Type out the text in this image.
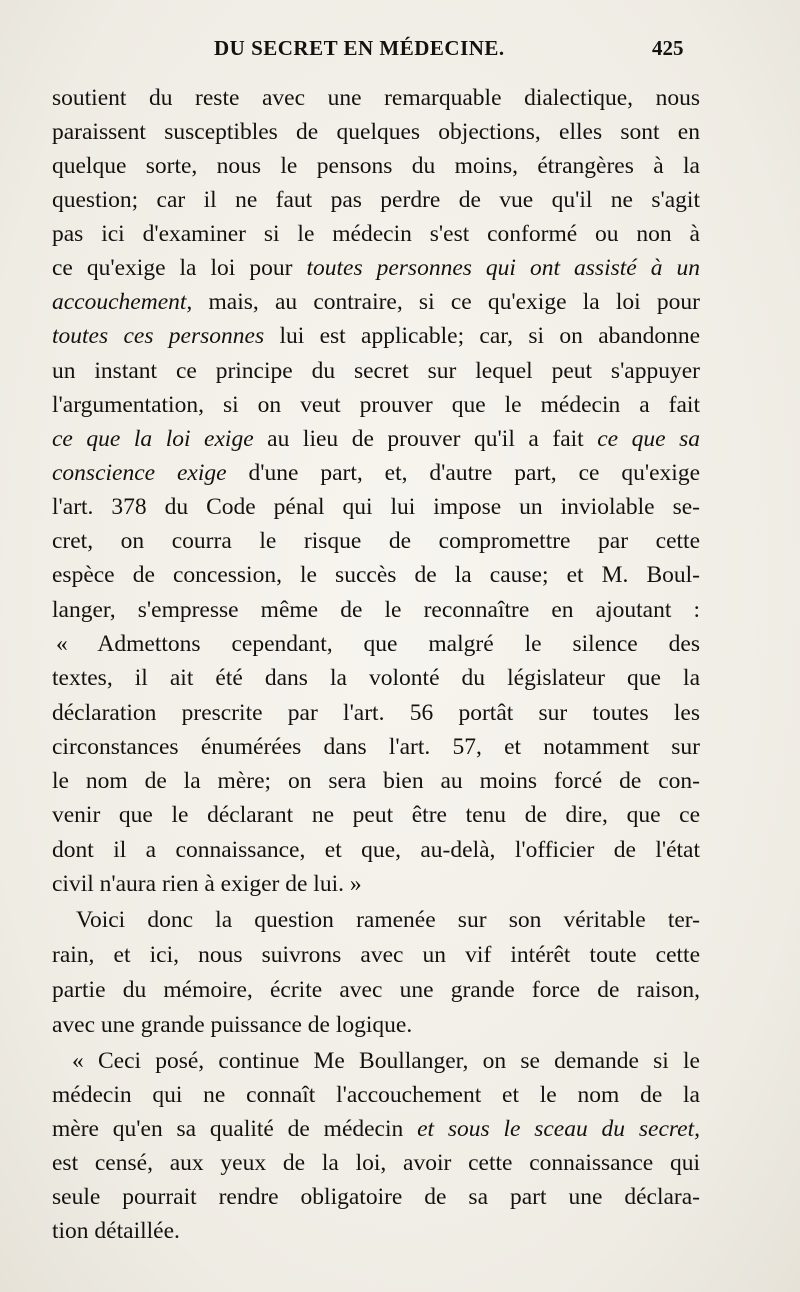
DU SECRET EN MÉDECINE.	425
soutient du reste avec une remarquable dialectique, nous
paraissent susceptibles de quelques objections, elles sont en
quelque sorte, nous le pensons du moins, étrangères à la
question; car il ne faut pas perdre de vue qu'il ne s'agit
pas ici d'examiner si le médecin s'est conformé ou non à
ce qu'exige la loi pour toutes personnes qui ont assisté à un
accouchement, mais, au contraire, si ce qu'exige la loi pour
toutes ces personnes lui est applicable; car, si on abandonne
un instant ce principe du secret sur lequel peut s'appuyer
l'argumentation, si on veut prouver que le médecin a fait
ce que la loi exige au lieu de prouver qu'il a fait ce que sa
conscience exige d'une part, et, d'autre part, ce qu'exige
l'art. 378 du Code pénal qui lui impose un inviolable se-
cret, on courra le risque de compromettre par cette
espèce de concession, le succès de la cause; et M. Boul-
langer, s'empresse même de le reconnaître en ajoutant :
« Admettons cependant, que malgré le silence des
textes, il ait été dans la volonté du législateur que la
déclaration prescrite par l'art. 56 portât sur toutes les
circonstances énumérées dans l'art. 57, et notamment sur
le nom de la mère; on sera bien au moins forcé de con-
venir que le déclarant ne peut être tenu de dire, que ce
dont il a connaissance, et que, au-delà, l'officier de l'état
civil n'aura rien à exiger de lui. »
Voici donc la question ramenée sur son véritable ter-
rain, et ici, nous suivrons avec un vif intérêt toute cette
partie du mémoire, écrite avec une grande force de raison,
avec une grande puissance de logique.
« Ceci posé, continue Me Boullanger, on se demande si le
médecin qui ne connaît l'accouchement et le nom de la
mère qu'en sa qualité de médecin et sous le sceau du secret,
est censé, aux yeux de la loi, avoir cette connaissance qui
seule pourrait rendre obligatoire de sa part une déclara-
tion détaillée.
